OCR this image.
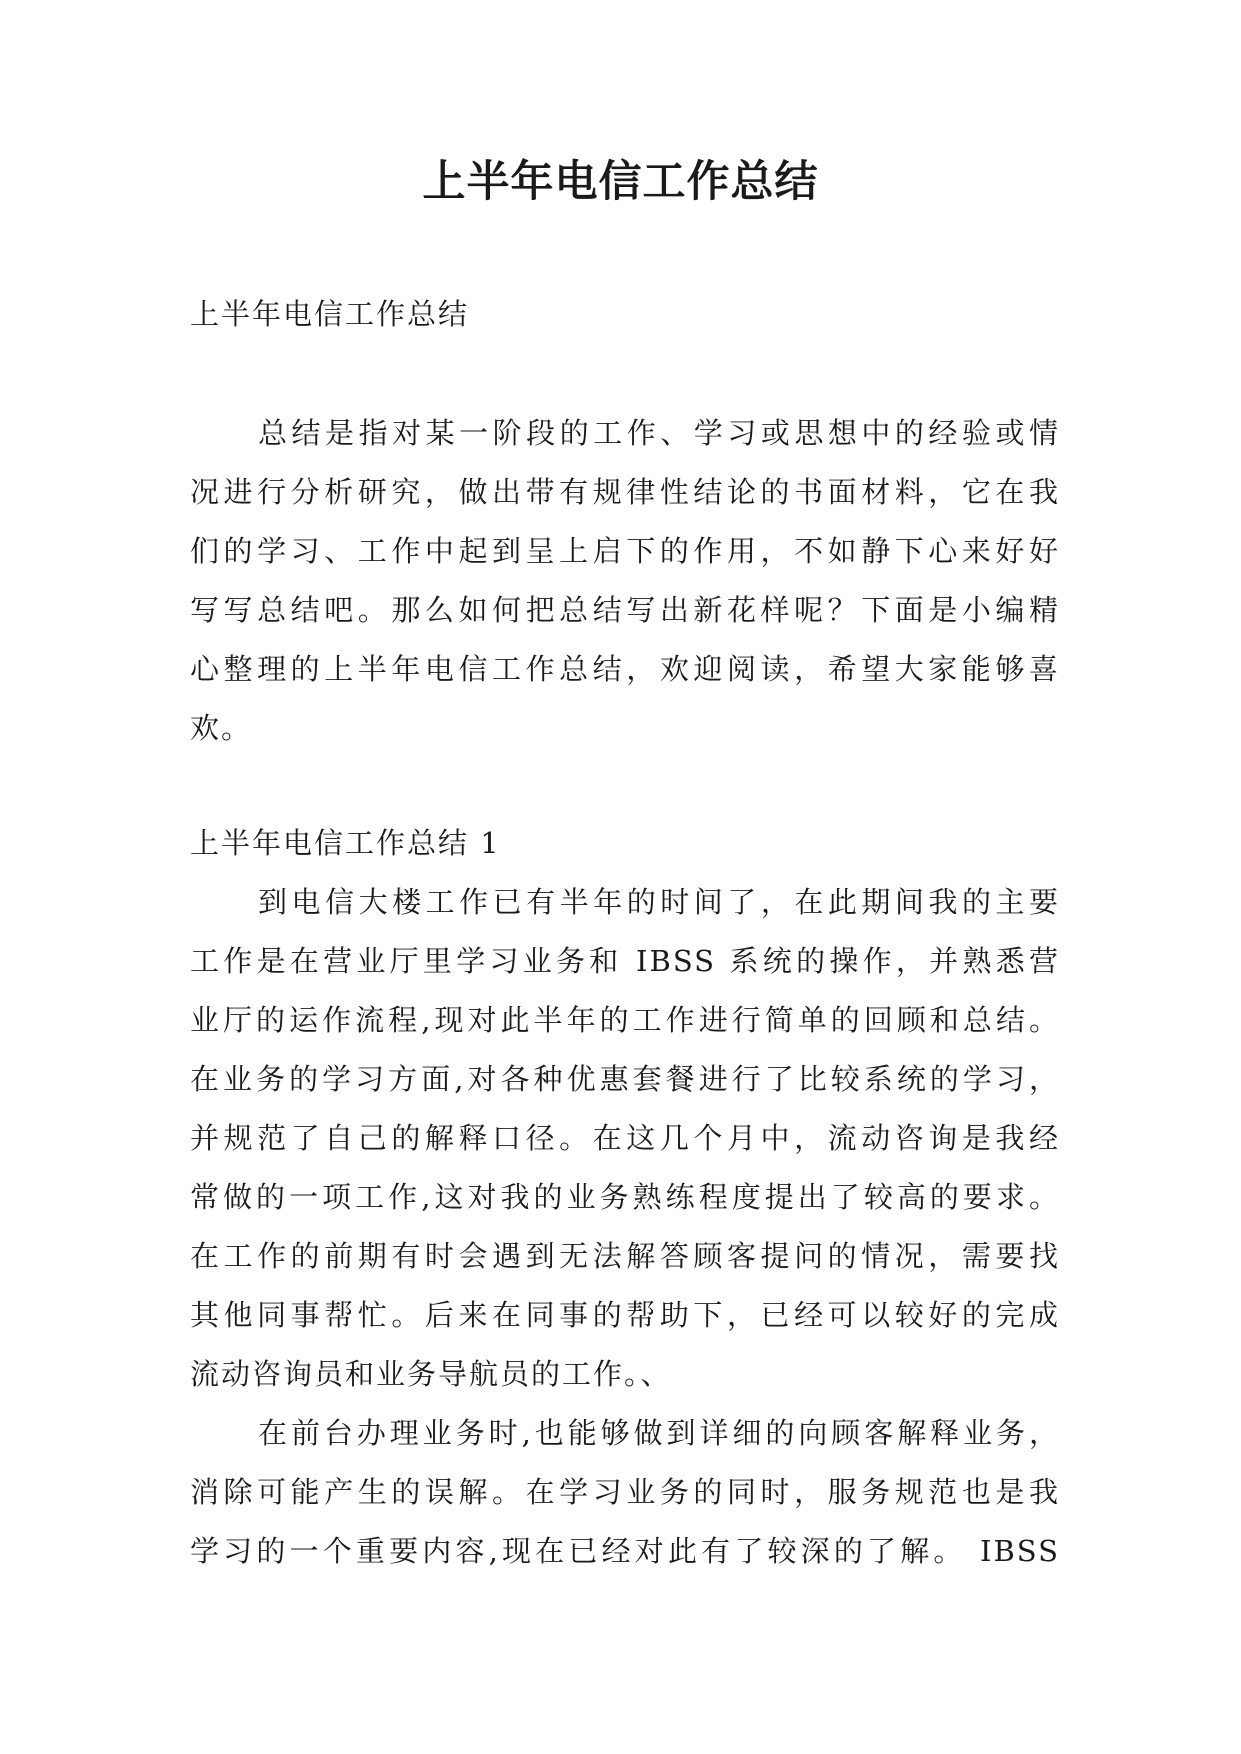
上半年电信工作总结
上半年电信工作总结
总结是指对某一阶段的工作、学习或思想中的经验或情
况进行分析研究，做出带有规律性结论的书面材料，它在我
们的学习、工作中起到呈上启下的作用，不如静下心来好好
写写总结吧。那么如何把总结写出新花样呢？下面是小编精
心整理的上半年电信工作总结，欢迎阅读，希望大家能够喜
欢。
上半年电信工作总结 1
到电信大楼工作已有半年的时间了，在此期间我的主要
工作是在营业厅里学习业务和 IBSS 系统的操作，并熟悉营
业厅的运作流程,现对此半年的工作进行简单的回顾和总结。
在业务的学习方面,对各种优惠套餐进行了比较系统的学习，
并规范了自己的解释口径。在这几个月中，流动咨询是我经
常做的一项工作,这对我的业务熟练程度提出了较高的要求。
在工作的前期有时会遇到无法解答顾客提问的情况，需要找
其他同事帮忙。后来在同事的帮助下，已经可以较好的完成
流动咨询员和业务导航员的工作。、
在前台办理业务时,也能够做到详细的向顾客解释业务，
消除可能产生的误解。在学习业务的同时，服务规范也是我
学习的一个重要内容,现在已经对此有了较深的了解。 IBSS
